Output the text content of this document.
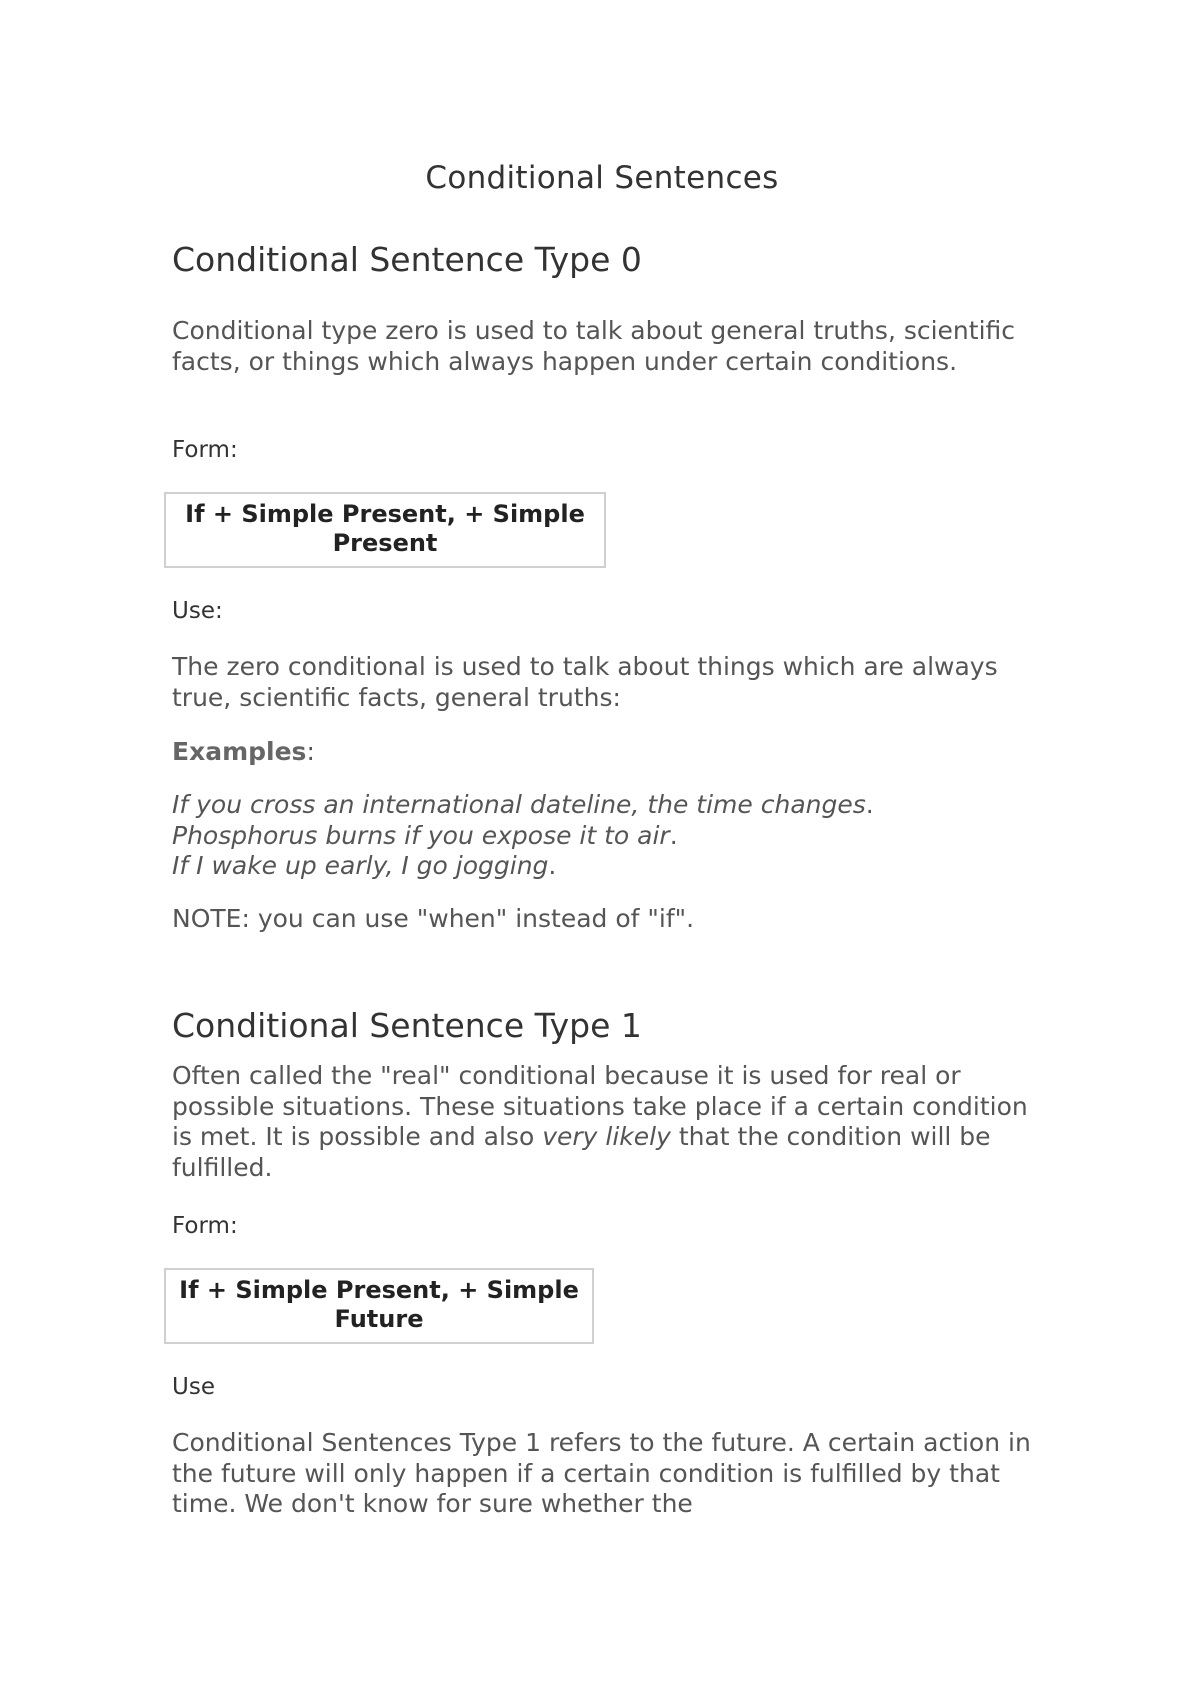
Conditional Sentences
Conditional Sentence Type 0

Conditional type zero is used to talk about general truths, scientific facts, or things which always happen under certain conditions.

Form:

If + Simple Present, + Simple Present

Use:

The zero conditional is used to talk about things which are always true, scientific facts, general truths:

Examples:

If you cross an international dateline, the time changes.
Phosphorus burns if you expose it to air.
If I wake up early, I go jogging.

NOTE: you can use "when" instead of "if".

Conditional Sentence Type 1

Often called the "real" conditional because it is used for real or possible situations. These situations take place if a certain condition is met. It is possible and also very likely that the condition will be fulfilled.

Form:

If + Simple Present, + Simple Future

Use

Conditional Sentences Type 1 refers to the future. A certain action in the future will only happen if a certain condition is fulfilled by that time. We don't know for sure whether the
